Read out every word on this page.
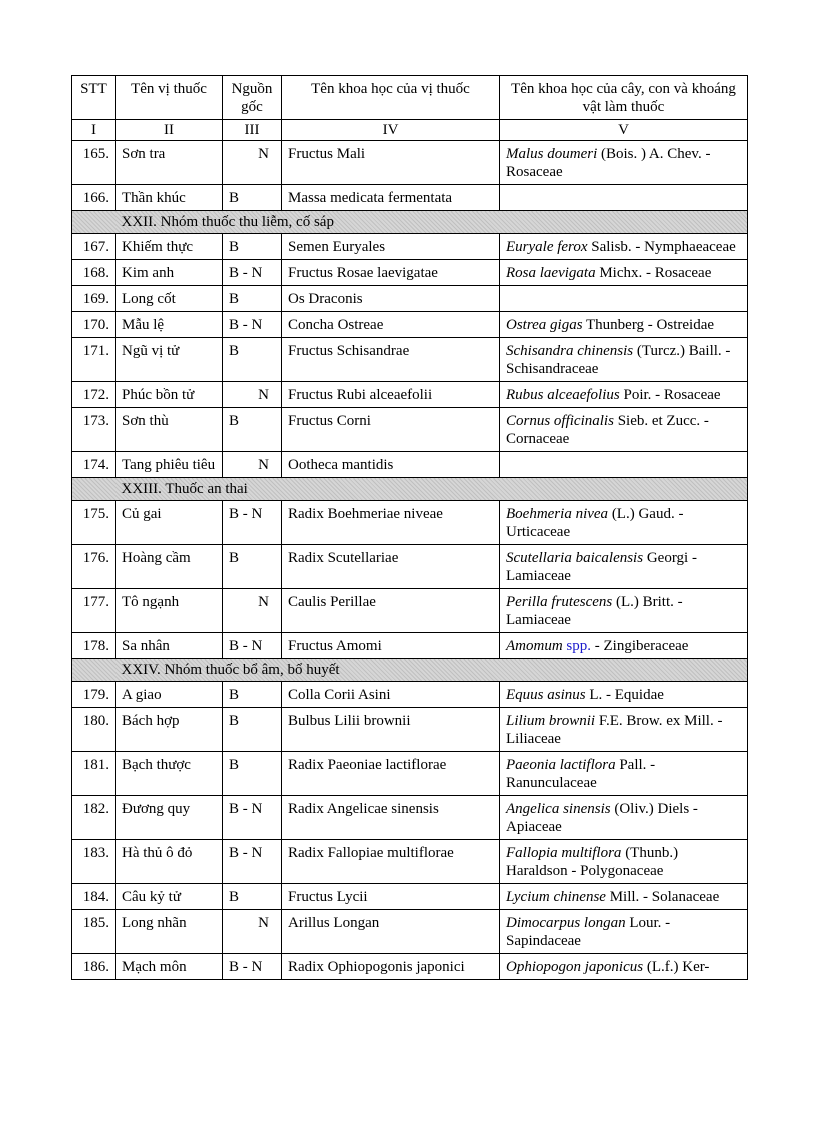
STT	Tên vị thuốc	Nguồn gốc	Tên khoa học của vị thuốc	Tên khoa học của cây, con và khoáng vật làm thuốc
I	II	III	IV	V
165.	Sơn tra	N	Fructus Mali	Malus doumeri (Bois. ) A. Chev. - Rosaceae
166.	Thần khúc	B	Massa medicata fermentata	
	XXII. Nhóm thuốc thu liễm, cố sáp			
167.	Khiếm thực	B	Semen Euryales	Euryale ferox Salisb. - Nymphaeaceae
168.	Kim anh	B - N	Fructus Rosae laevigatae	Rosa laevigata Michx. - Rosaceae
169.	Long cốt	B	Os Draconis	
170.	Mẫu lệ	B - N	Concha Ostreae	Ostrea gigas Thunberg - Ostreidae
171.	Ngũ vị tử	B	Fructus Schisandrae	Schisandra chinensis (Turcz.) Baill. - Schisandraceae
172.	Phúc bồn tử	N	Fructus Rubi alceaefolii	Rubus alceaefolius Poir. - Rosaceae
173.	Sơn thù	B	Fructus Corni	Cornus officinalis Sieb. et Zucc. - Cornaceae
174.	Tang phiêu tiêu	N	Ootheca mantidis	
	XXIII. Thuốc an thai			
175.	Củ gai	B - N	Radix Boehmeriae niveae	Boehmeria nivea (L.) Gaud. - Urticaceae
176.	Hoàng cầm	B	Radix Scutellariae	Scutellaria baicalensis Georgi - Lamiaceae
177.	Tô ngạnh	N	Caulis Perillae	Perilla frutescens (L.) Britt. - Lamiaceae
178.	Sa nhân	B - N	Fructus Amomi	Amomum spp. - Zingiberaceae
	XXIV. Nhóm thuốc bổ âm, bổ huyết			
179.	A giao	B	Colla Corii Asini	Equus asinus L. - Equidae
180.	Bách hợp	B	Bulbus Lilii brownii	Lilium brownii F.E. Brow. ex Mill. - Liliaceae
181.	Bạch thược	B	Radix Paeoniae lactiflorae	Paeonia lactiflora Pall. - Ranunculaceae
182.	Đương quy	B - N	Radix Angelicae sinensis	Angelica sinensis (Oliv.) Diels - Apiaceae
183.	Hà thủ ô đỏ	B - N	Radix Fallopiae multiflorae	Fallopia multiflora (Thunb.) Haraldson - Polygonaceae
184.	Câu kỷ tử	B	Fructus Lycii	Lycium chinense Mill. - Solanaceae
185.	Long nhãn	N	Arillus Longan	Dimocarpus longan Lour. - Sapindaceae
186.	Mạch môn	B - N	Radix Ophiopogonis japonici	Ophiopogon japonicus (L.f.) Ker-
